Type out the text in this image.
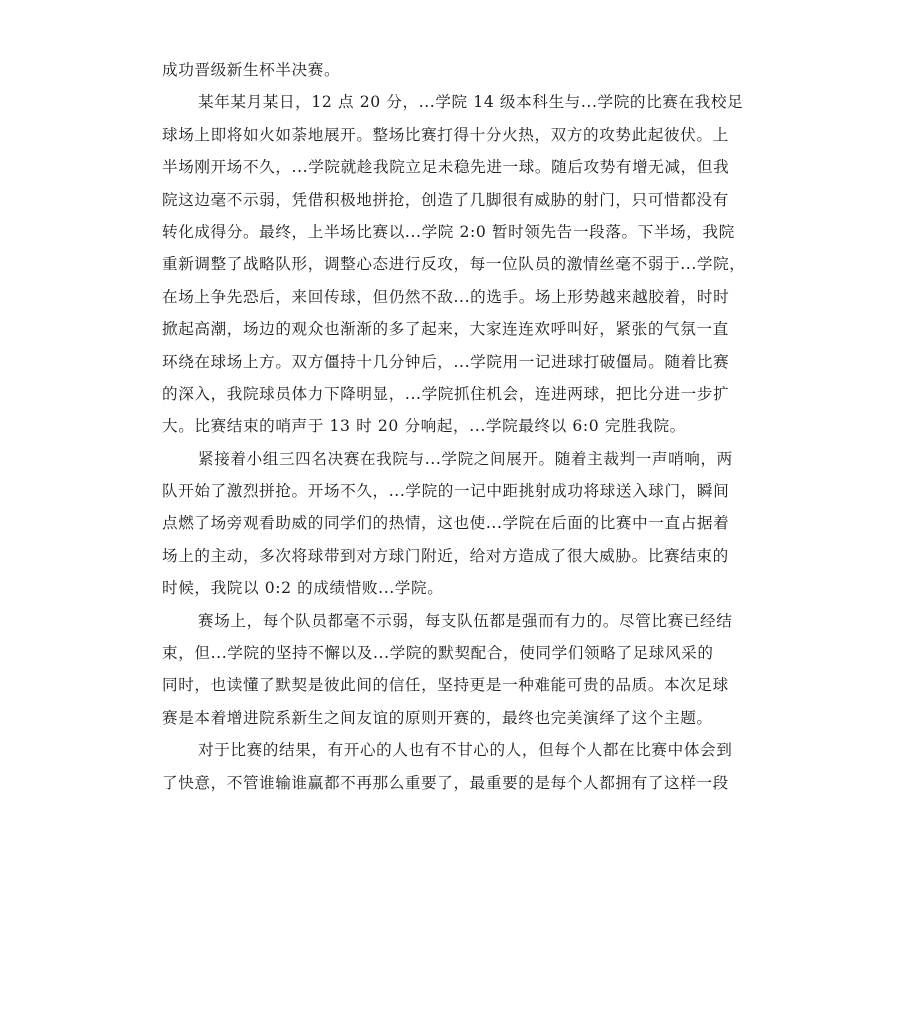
成功晋级新生杯半决赛。
某年某月某日，12 点 20 分，...学院 14 级本科生与...学院的比赛在我校足
球场上即将如火如荼地展开。整场比赛打得十分火热，双方的攻势此起彼伏。上
半场刚开场不久，...学院就趁我院立足未稳先进一球。随后攻势有增无减，但我
院这边毫不示弱，凭借积极地拼抢，创造了几脚很有威胁的射门，只可惜都没有
转化成得分。最终，上半场比赛以...学院 2:0 暂时领先告一段落。下半场，我院
重新调整了战略队形，调整心态进行反攻，每一位队员的激情丝毫不弱于...学院，
在场上争先恐后，来回传球，但仍然不敌...的选手。场上形势越来越胶着，时时
掀起高潮，场边的观众也渐渐的多了起来，大家连连欢呼叫好，紧张的气氛一直
环绕在球场上方。双方僵持十几分钟后，...学院用一记进球打破僵局。随着比赛
的深入，我院球员体力下降明显，...学院抓住机会，连进两球，把比分进一步扩
大。比赛结束的哨声于 13 时 20 分响起，...学院最终以 6:0 完胜我院。
紧接着小组三四名决赛在我院与...学院之间展开。随着主裁判一声哨响，两
队开始了激烈拼抢。开场不久，...学院的一记中距挑射成功将球送入球门，瞬间
点燃了场旁观看助威的同学们的热情，这也使...学院在后面的比赛中一直占据着
场上的主动，多次将球带到对方球门附近，给对方造成了很大威胁。比赛结束的
时候，我院以 0:2 的成绩惜败...学院。
赛场上，每个队员都毫不示弱，每支队伍都是强而有力的。尽管比赛已经结
束，但...学院的坚持不懈以及...学院的默契配合，使同学们领略了足球风采的
同时，也读懂了默契是彼此间的信任，坚持更是一种难能可贵的品质。本次足球
赛是本着增进院系新生之间友谊的原则开赛的，最终也完美演绎了这个主题。
对于比赛的结果，有开心的人也有不甘心的人，但每个人都在比赛中体会到
了快意，不管谁输谁赢都不再那么重要了，最重要的是每个人都拥有了这样一段
